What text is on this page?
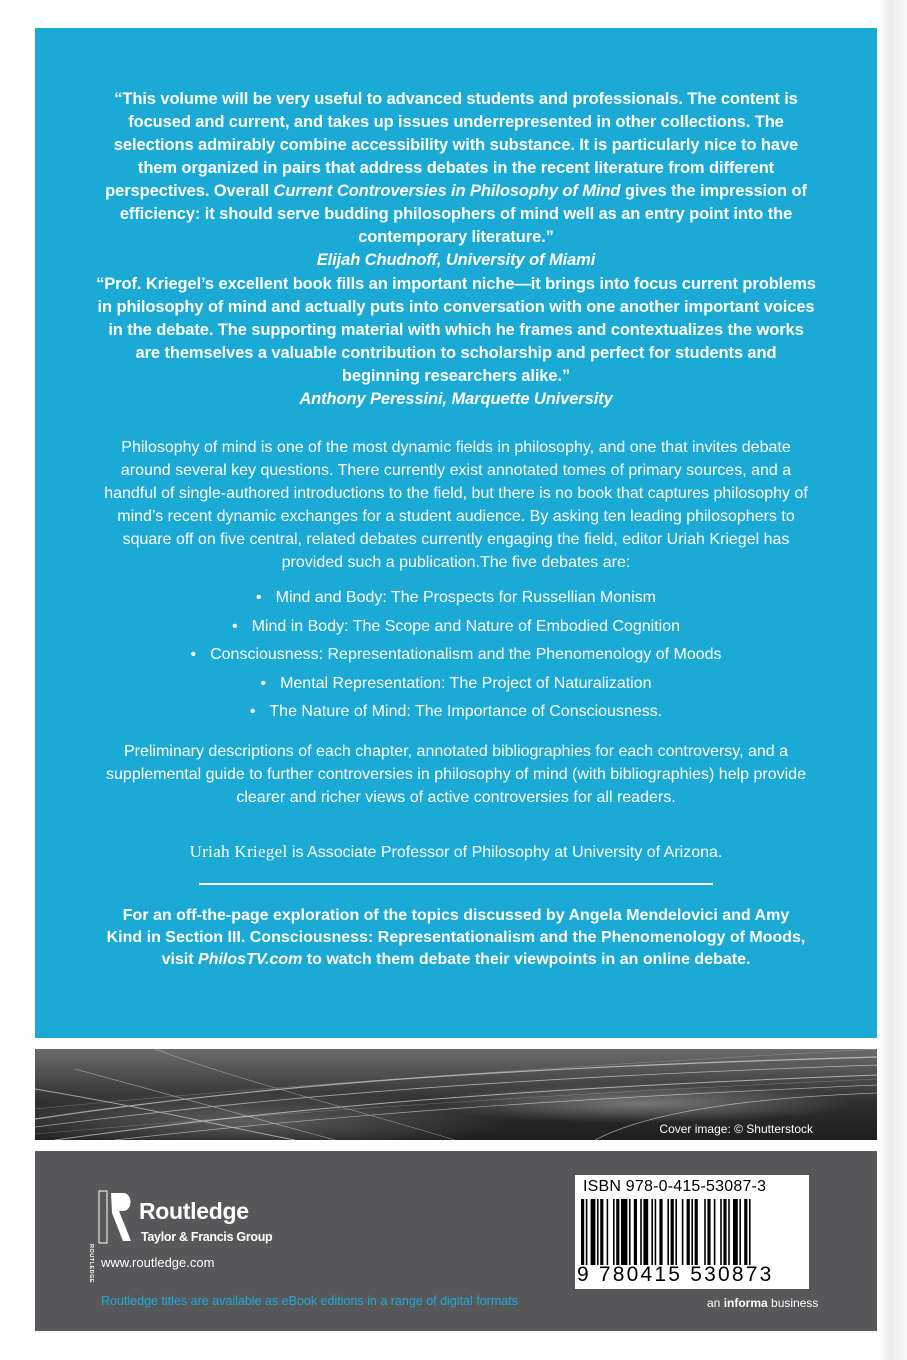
“This volume will be very useful to advanced students and professionals. The content is focused and current, and takes up issues underrepresented in other collections. The selections admirably combine accessibility with substance. It is particularly nice to have them organized in pairs that address debates in the recent literature from different perspectives. Overall Current Controversies in Philosophy of Mind gives the impression of efficiency: it should serve budding philosophers of mind well as an entry point into the contemporary literature.”
Elijah Chudnoff, University of Miami
“Prof. Kriegel’s excellent book fills an important niche—it brings into focus current problems in philosophy of mind and actually puts into conversation with one another important voices in the debate. The supporting material with which he frames and contextualizes the works are themselves a valuable contribution to scholarship and perfect for students and beginning researchers alike.”
Anthony Peressini, Marquette University
Philosophy of mind is one of the most dynamic fields in philosophy, and one that invites debate around several key questions. There currently exist annotated tomes of primary sources, and a handful of single-authored introductions to the field, but there is no book that captures philosophy of mind’s recent dynamic exchanges for a student audience. By asking ten leading philosophers to square off on five central, related debates currently engaging the field, editor Uriah Kriegel has provided such a publication.The five debates are:
• Mind and Body: The Prospects for Russellian Monism
• Mind in Body: The Scope and Nature of Embodied Cognition
• Consciousness: Representationalism and the Phenomenology of Moods
• Mental Representation: The Project of Naturalization
• The Nature of Mind: The Importance of Consciousness.
Preliminary descriptions of each chapter, annotated bibliographies for each controversy, and a supplemental guide to further controversies in philosophy of mind (with bibliographies) help provide clearer and richer views of active controversies for all readers.
Uriah Kriegel is Associate Professor of Philosophy at University of Arizona.
For an off-the-page exploration of the topics discussed by Angela Mendelovici and Amy Kind in Section III. Consciousness: Representationalism and the Phenomenology of Moods, visit PhilosTV.com to watch them debate their viewpoints in an online debate.
Cover image: © Shutterstock
ROUTLEDGE
Routledge
Taylor & Francis Group
www.routledge.com
Routledge titles are available as eBook editions in a range of digital formats
ISBN 978-0-415-53087-3
9 780415 530873
an informa business
